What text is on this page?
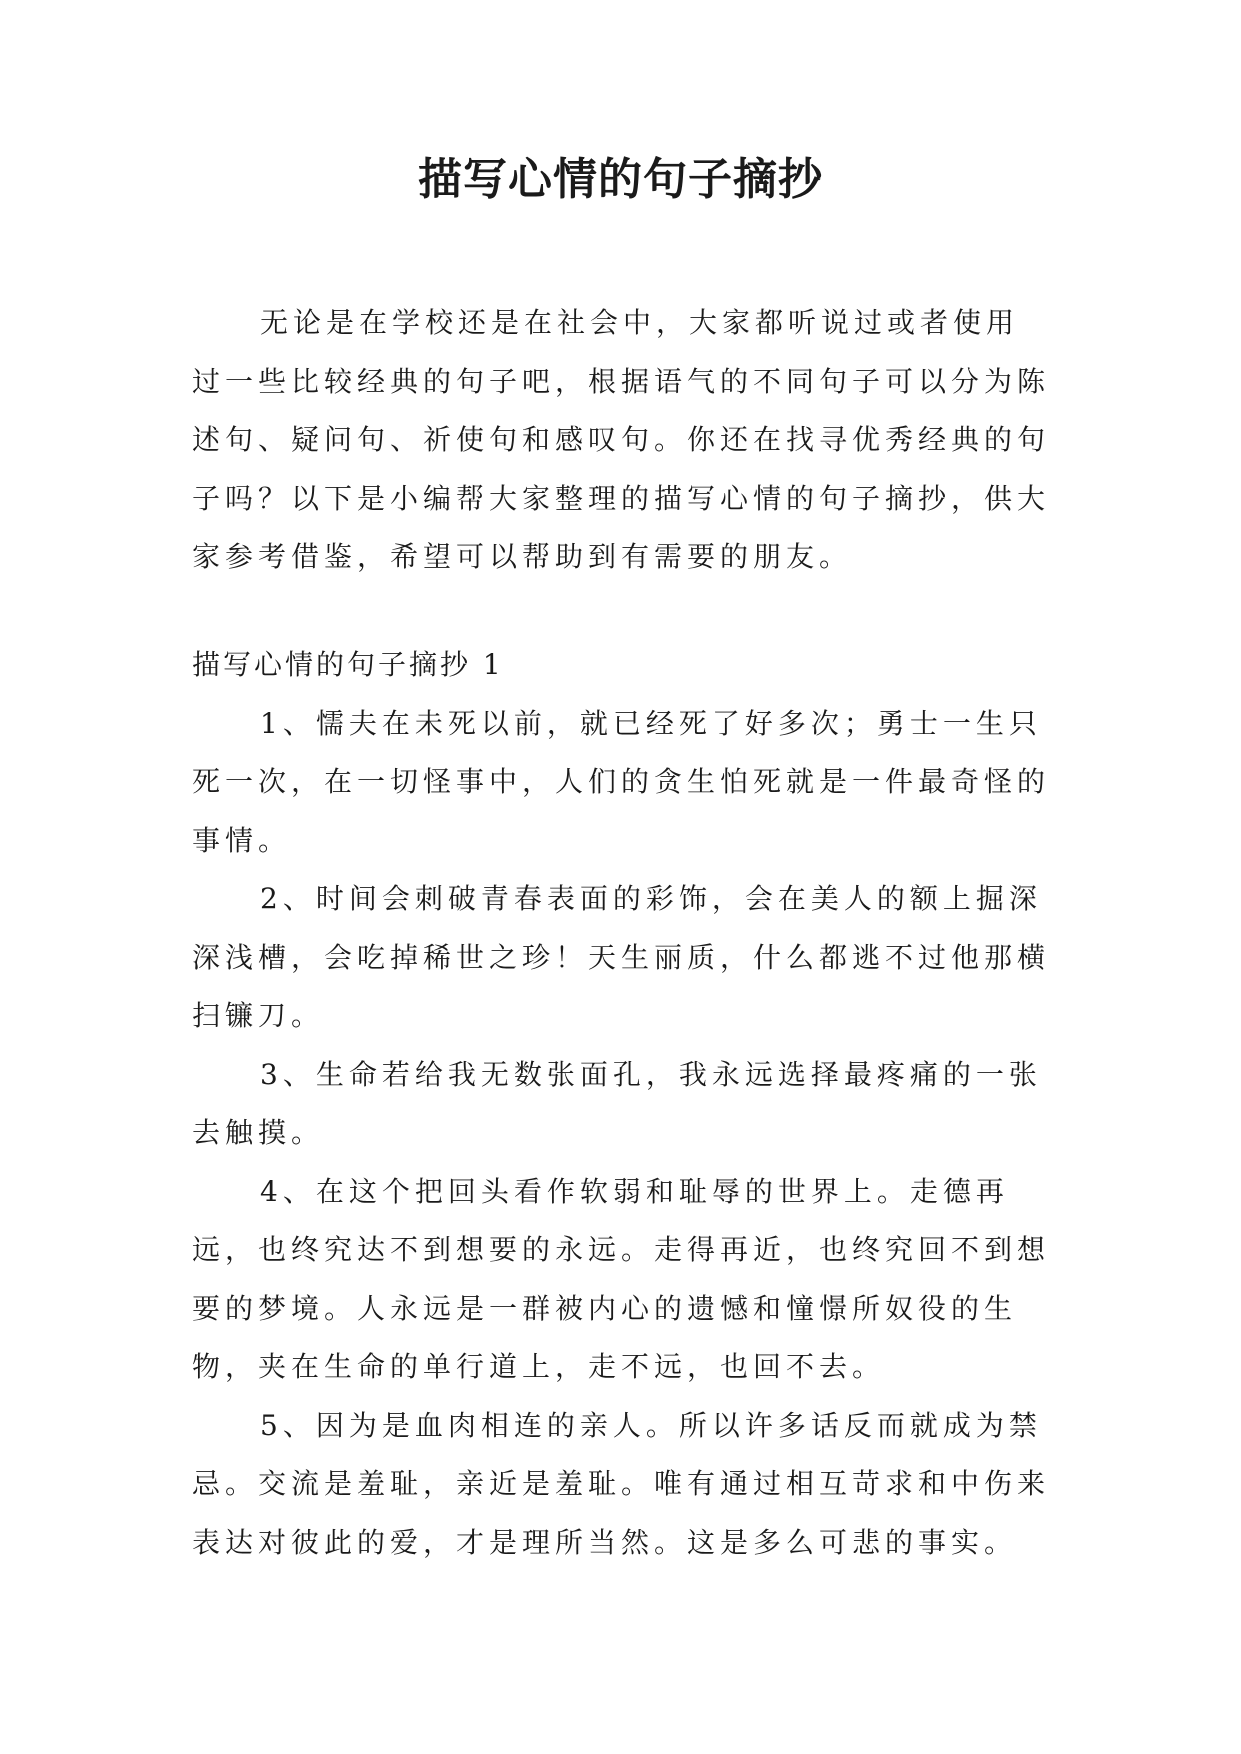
描写心情的句子摘抄

无论是在学校还是在社会中，大家都听说过或者使用过一些比较经典的句子吧，根据语气的不同句子可以分为陈述句、疑问句、祈使句和感叹句。你还在找寻优秀经典的句子吗？以下是小编帮大家整理的描写心情的句子摘抄，供大家参考借鉴，希望可以帮助到有需要的朋友。

描写心情的句子摘抄 1

1、懦夫在未死以前，就已经死了好多次；勇士一生只死一次，在一切怪事中，人们的贪生怕死就是一件最奇怪的事情。

2、时间会刺破青春表面的彩饰，会在美人的额上掘深深浅槽，会吃掉稀世之珍！天生丽质，什么都逃不过他那横扫镰刀。

3、生命若给我无数张面孔，我永远选择最疼痛的一张去触摸。

4、在这个把回头看作软弱和耻辱的世界上。走德再远，也终究达不到想要的永远。走得再近，也终究回不到想要的梦境。人永远是一群被内心的遗憾和憧憬所奴役的生物，夹在生命的单行道上，走不远，也回不去。

5、因为是血肉相连的亲人。所以许多话反而就成为禁忌。交流是羞耻，亲近是羞耻。唯有通过相互苛求和中伤来表达对彼此的爱，才是理所当然。这是多么可悲的事实。
